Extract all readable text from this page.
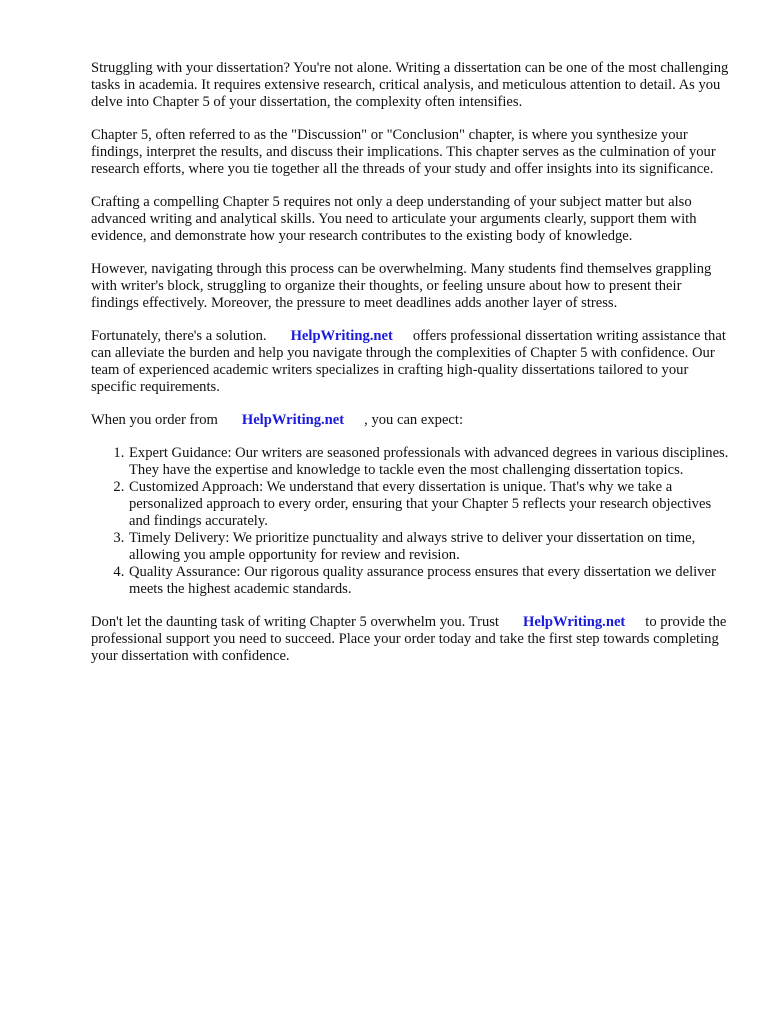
Struggling with your dissertation? You're not alone. Writing a dissertation can be one of the most challenging tasks in academia. It requires extensive research, critical analysis, and meticulous attention to detail. As you delve into Chapter 5 of your dissertation, the complexity often intensifies.

Chapter 5, often referred to as the "Discussion" or "Conclusion" chapter, is where you synthesize your findings, interpret the results, and discuss their implications. This chapter serves as the culmination of your research efforts, where you tie together all the threads of your study and offer insights into its significance.

Crafting a compelling Chapter 5 requires not only a deep understanding of your subject matter but also advanced writing and analytical skills. You need to articulate your arguments clearly, support them with evidence, and demonstrate how your research contributes to the existing body of knowledge.

However, navigating through this process can be overwhelming. Many students find themselves grappling with writer's block, struggling to organize their thoughts, or feeling unsure about how to present their findings effectively. Moreover, the pressure to meet deadlines adds another layer of stress.

Fortunately, there's a solution. HelpWriting.net offers professional dissertation writing assistance that can alleviate the burden and help you navigate through the complexities of Chapter 5 with confidence. Our team of experienced academic writers specializes in crafting high-quality dissertations tailored to your specific requirements.

When you order from HelpWriting.net , you can expect:

1. Expert Guidance: Our writers are seasoned professionals with advanced degrees in various disciplines. They have the expertise and knowledge to tackle even the most challenging dissertation topics.
2. Customized Approach: We understand that every dissertation is unique. That's why we take a personalized approach to every order, ensuring that your Chapter 5 reflects your research objectives and findings accurately.
3. Timely Delivery: We prioritize punctuality and always strive to deliver your dissertation on time, allowing you ample opportunity for review and revision.
4. Quality Assurance: Our rigorous quality assurance process ensures that every dissertation we deliver meets the highest academic standards.

Don't let the daunting task of writing Chapter 5 overwhelm you. Trust HelpWriting.net to provide the professional support you need to succeed. Place your order today and take the first step towards completing your dissertation with confidence.
